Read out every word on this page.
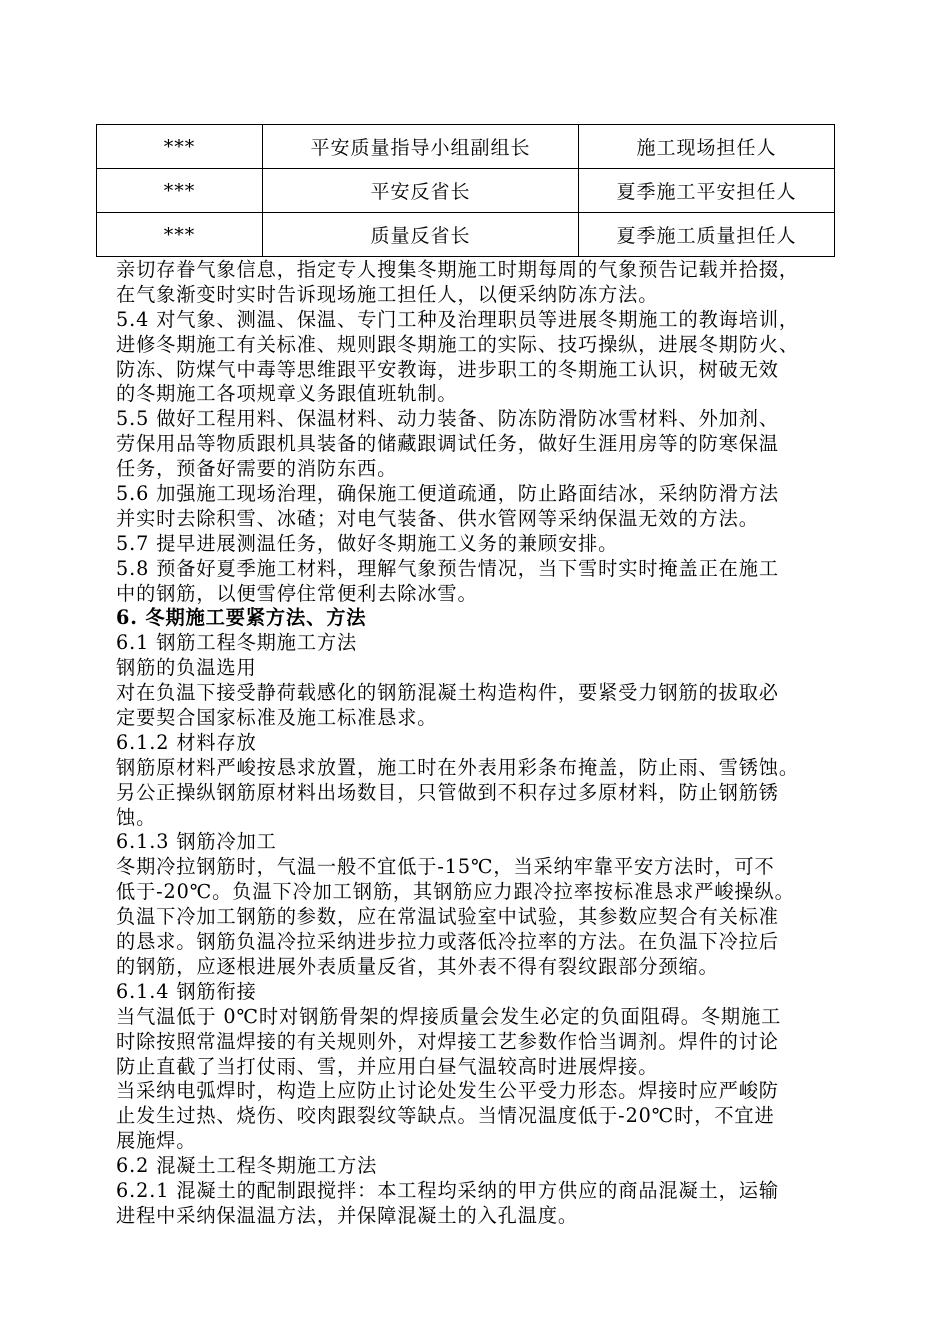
***	平安质量指导小组副组长	施工现场担任人
***	平安反省长	夏季施工平安担任人
***	质量反省长	夏季施工质量担任人
亲切存眷气象信息，指定专人搜集冬期施工时期每周的气象预告记载并拾掇，
在气象渐变时实时告诉现场施工担任人，以便采纳防冻方法。
5.4 对气象、测温、保温、专门工种及治理职员等进展冬期施工的教诲培训，
进修冬期施工有关标准、规则跟冬期施工的实际、技巧操纵，进展冬期防火、
防冻、防煤气中毒等思维跟平安教诲，进步职工的冬期施工认识，树破无效
的冬期施工各项规章义务跟值班轨制。
5.5 做好工程用料、保温材料、动力装备、防冻防滑防冰雪材料、外加剂、
劳保用品等物质跟机具装备的储藏跟调试任务，做好生涯用房等的防寒保温
任务，预备好需要的消防东西。
5.6 加强施工现场治理，确保施工便道疏通，防止路面结冰，采纳防滑方法
并实时去除积雪、冰碴；对电气装备、供水管网等采纳保温无效的方法。
5.7 提早进展测温任务，做好冬期施工义务的兼顾安排。
5.8 预备好夏季施工材料，理解气象预告情况，当下雪时实时掩盖正在施工
中的钢筋，以便雪停住常便利去除冰雪。
6. 冬期施工要紧方法、方法
6.1 钢筋工程冬期施工方法
钢筋的负温选用
对在负温下接受静荷载感化的钢筋混凝土构造构件，要紧受力钢筋的拔取必
定要契合国家标准及施工标准恳求。
6.1.2 材料存放
钢筋原材料严峻按恳求放置，施工时在外表用彩条布掩盖，防止雨、雪锈蚀。
另公正操纵钢筋原材料出场数目，只管做到不积存过多原材料，防止钢筋锈
蚀。
6.1.3 钢筋冷加工
冬期冷拉钢筋时，气温一般不宜低于-15℃，当采纳牢靠平安方法时，可不
低于-20℃。负温下冷加工钢筋，其钢筋应力跟冷拉率按标准恳求严峻操纵。
负温下冷加工钢筋的参数，应在常温试验室中试验，其参数应契合有关标准
的恳求。钢筋负温冷拉采纳进步拉力或落低冷拉率的方法。在负温下冷拉后
的钢筋，应逐根进展外表质量反省，其外表不得有裂纹跟部分颈缩。
6.1.4 钢筋衔接
当气温低于 0℃时对钢筋骨架的焊接质量会发生必定的负面阻碍。冬期施工
时除按照常温焊接的有关规则外，对焊接工艺参数作恰当调剂。焊件的讨论
防止直截了当打仗雨、雪，并应用白昼气温较高时进展焊接。
当采纳电弧焊时，构造上应防止讨论处发生公平受力形态。焊接时应严峻防
止发生过热、烧伤、咬肉跟裂纹等缺点。当情况温度低于-20℃时，不宜进
展施焊。
6.2 混凝土工程冬期施工方法
6.2.1 混凝土的配制跟搅拌：本工程均采纳的甲方供应的商品混凝土，运输
进程中采纳保温温方法，并保障混凝土的入孔温度。
